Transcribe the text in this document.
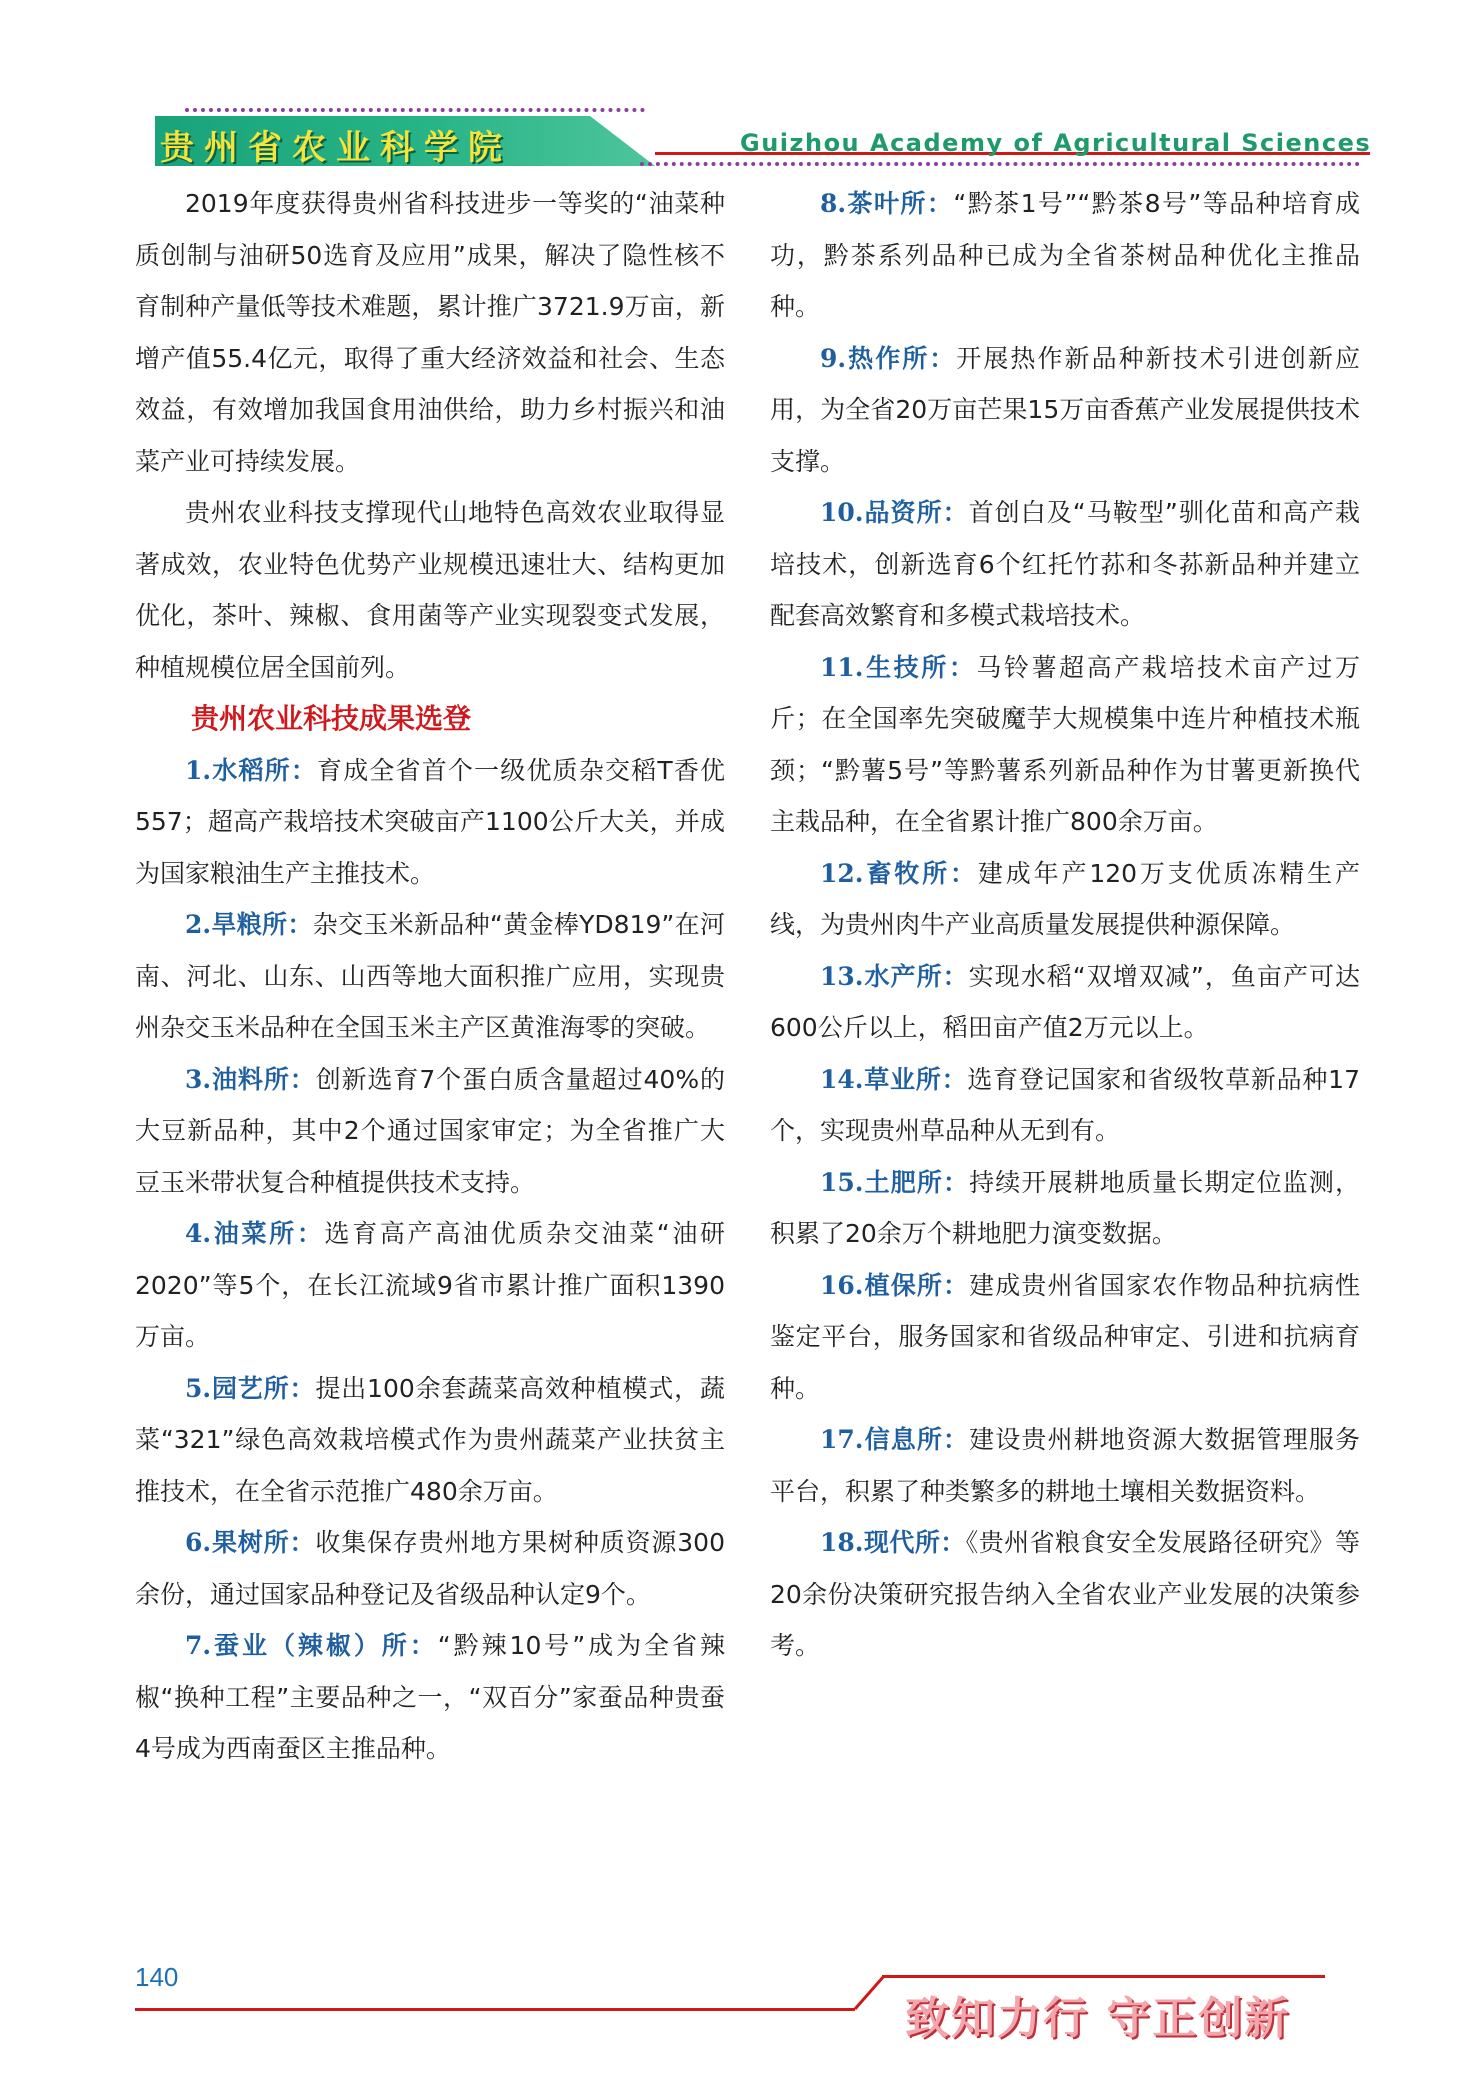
贵州省农业科学院	Guizhou Academy of Agricultural Sciences

2019年度获得贵州省科技进步一等奖的“油菜种质创制与油研50选育及应用”成果，解决了隐性核不育制种产量低等技术难题，累计推广3721.9万亩，新增产值55.4亿元，取得了重大经济效益和社会、生态效益，有效增加我国食用油供给，助力乡村振兴和油菜产业可持续发展。

贵州农业科技支撑现代山地特色高效农业取得显著成效，农业特色优势产业规模迅速壮大、结构更加优化，茶叶、辣椒、食用菌等产业实现裂变式发展，种植规模位居全国前列。

贵州农业科技成果选登

1.水稻所：育成全省首个一级优质杂交稻T香优557；超高产栽培技术突破亩产1100公斤大关，并成为国家粮油生产主推技术。

2.旱粮所：杂交玉米新品种“黄金棒YD819”在河南、河北、山东、山西等地大面积推广应用，实现贵州杂交玉米品种在全国玉米主产区黄淮海零的突破。

3.油料所：创新选育7个蛋白质含量超过40%的大豆新品种，其中2个通过国家审定；为全省推广大豆玉米带状复合种植提供技术支持。

4.油菜所：选育高产高油优质杂交油菜“油研2020”等5个，在长江流域9省市累计推广面积1390万亩。

5.园艺所：提出100余套蔬菜高效种植模式，蔬菜“321”绿色高效栽培模式作为贵州蔬菜产业扶贫主推技术，在全省示范推广480余万亩。

6.果树所：收集保存贵州地方果树种质资源300余份，通过国家品种登记及省级品种认定9个。

7.蚕业（辣椒）所：“黔辣10号”成为全省辣椒“换种工程”主要品种之一，“双百分”家蚕品种贵蚕4号成为西南蚕区主推品种。

8.茶叶所：“黔茶1号”“黔茶8号”等品种培育成功，黔茶系列品种已成为全省茶树品种优化主推品种。

9.热作所：开展热作新品种新技术引进创新应用，为全省20万亩芒果15万亩香蕉产业发展提供技术支撑。

10.品资所：首创白及“马鞍型”驯化苗和高产栽培技术，创新选育6个红托竹荪和冬荪新品种并建立配套高效繁育和多模式栽培技术。

11.生技所：马铃薯超高产栽培技术亩产过万斤；在全国率先突破魔芋大规模集中连片种植技术瓶颈；“黔薯5号”等黔薯系列新品种作为甘薯更新换代主栽品种，在全省累计推广800余万亩。

12.畜牧所：建成年产120万支优质冻精生产线，为贵州肉牛产业高质量发展提供种源保障。

13.水产所：实现水稻“双增双减”，鱼亩产可达600公斤以上，稻田亩产值2万元以上。

14.草业所：选育登记国家和省级牧草新品种17个，实现贵州草品种从无到有。

15.土肥所：持续开展耕地质量长期定位监测，积累了20余万个耕地肥力演变数据。

16.植保所：建成贵州省国家农作物品种抗病性鉴定平台，服务国家和省级品种审定、引进和抗病育种。

17.信息所：建设贵州耕地资源大数据管理服务平台，积累了种类繁多的耕地土壤相关数据资料。

18.现代所：《贵州省粮食安全发展路径研究》等20余份决策研究报告纳入全省农业产业发展的决策参考。

140
致知力行 守正创新
